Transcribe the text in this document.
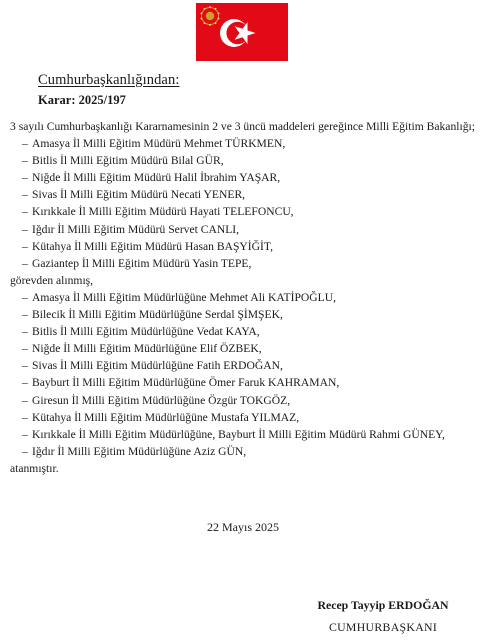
Cumhurbaşkanlığından:
Karar: 2025/197

3 sayılı Cumhurbaşkanlığı Kararnamesinin 2 ve 3 üncü maddeleri gereğince Milli Eğitim Bakanlığı;

– Amasya İl Milli Eğitim Müdürü Mehmet TÜRKMEN,
– Bitlis İl Milli Eğitim Müdürü Bilal GÜR,
– Niğde İl Milli Eğitim Müdürü Halil İbrahim YAŞAR,
– Sivas İl Milli Eğitim Müdürü Necati YENER,
– Kırıkkale İl Milli Eğitim Müdürü Hayati TELEFONCU,
– Iğdır İl Milli Eğitim Müdürü Servet CANLI,
– Kütahya İl Milli Eğitim Müdürü Hasan BAŞYİĞİT,
– Gaziantep İl Milli Eğitim Müdürü Yasin TEPE,

görevden alınmış,

– Amasya İl Milli Eğitim Müdürlüğüne Mehmet Ali KATİPOĞLU,
– Bilecik İl Milli Eğitim Müdürlüğüne Serdal ŞİMŞEK,
– Bitlis İl Milli Eğitim Müdürlüğüne Vedat KAYA,
– Niğde İl Milli Eğitim Müdürlüğüne Elif ÖZBEK,
– Sivas İl Milli Eğitim Müdürlüğüne Fatih ERDOĞAN,
– Bayburt İl Milli Eğitim Müdürlüğüne Ömer Faruk KAHRAMAN,
– Giresun İl Milli Eğitim Müdürlüğüne Özgür TOKGÖZ,
– Kütahya İl Milli Eğitim Müdürlüğüne Mustafa YILMAZ,
– Kırıkkale İl Milli Eğitim Müdürlüğüne, Bayburt İl Milli Eğitim Müdürü Rahmi GÜNEY,
– Iğdır İl Milli Eğitim Müdürlüğüne Aziz GÜN,

atanmıştır.

22 Mayıs 2025
Recep Tayyip ERDOĞAN
CUMHURBAŞKANI
